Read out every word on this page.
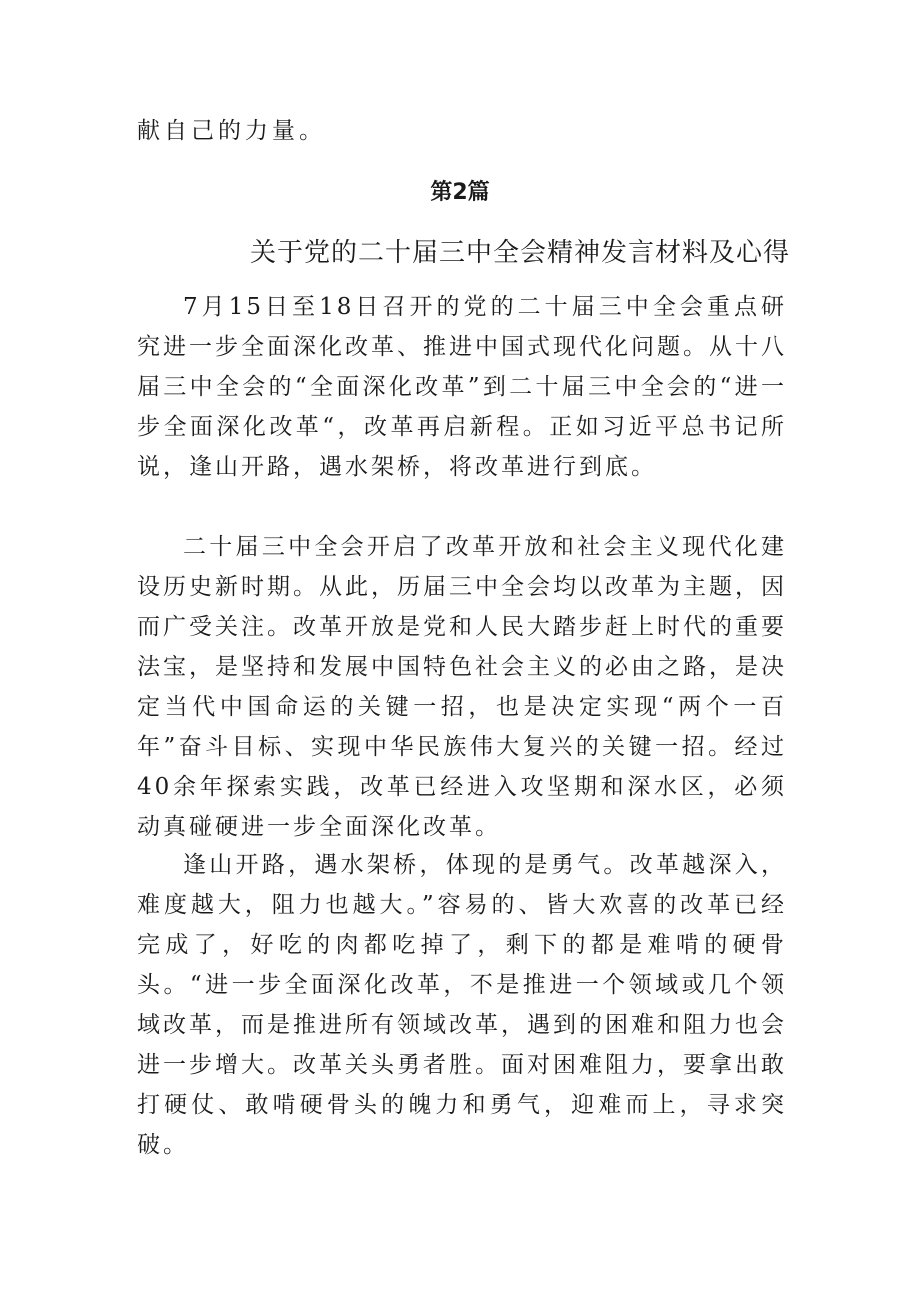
献自己的力量。
第2篇
关于党的二十届三中全会精神发言材料及心得

7月15日至18日召开的党的二十届三中全会重点研究进一步全面深化改革、推进中国式现代化问题。从十八届三中全会的“全面深化改革”到二十届三中全会的“进一步全面深化改革“，改革再启新程。正如习近平总书记所说，逢山开路，遇水架桥，将改革进行到底。

二十届三中全会开启了改革开放和社会主义现代化建设历史新时期。从此，历届三中全会均以改革为主题，因而广受关注。改革开放是党和人民大踏步赶上时代的重要法宝，是坚持和发展中国特色社会主义的必由之路，是决定当代中国命运的关键一招，也是决定实现“两个一百年”奋斗目标、实现中华民族伟大复兴的关键一招。经过40余年探索实践，改革已经进入攻坚期和深水区，必须动真碰硬进一步全面深化改革。

逢山开路，遇水架桥，体现的是勇气。改革越深入，难度越大，阻力也越大。”容易的、皆大欢喜的改革已经完成了，好吃的肉都吃掉了，剩下的都是难啃的硬骨头。“进一步全面深化改革，不是推进一个领域或几个领域改革，而是推进所有领域改革，遇到的困难和阻力也会进一步增大。改革关头勇者胜。面对困难阻力，要拿出敢打硬仗、敢啃硬骨头的魄力和勇气，迎难而上，寻求突破。
